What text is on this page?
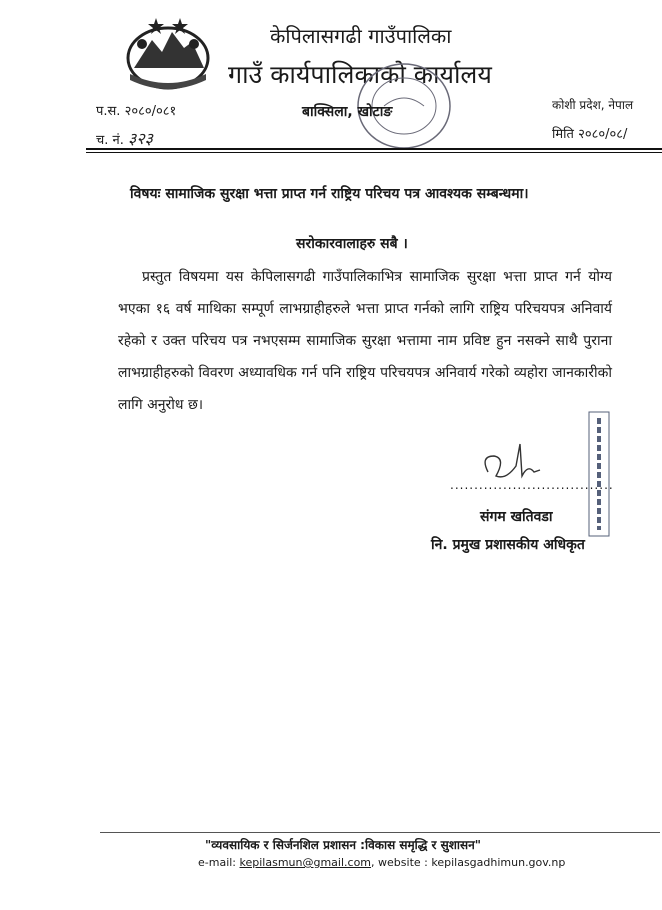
केपिलासगढी गाउँपालिका
गाउँ कार्यपालिकाको कार्यालय
बाक्सिला, खोटाङ	कोशी प्रदेश, नेपाल
प.स. २०८०/०८१
च. नं. ३२३	मिति २०८०/०८/
विषयः सामाजिक सुरक्षा भत्ता प्राप्त गर्न राष्ट्रिय परिचय पत्र आवश्यक सम्बन्धमा।
सरोकारवालाहरु सबै ।

प्रस्तुत विषयमा यस केपिलासगढी गाउँपालिकाभित्र सामाजिक सुरक्षा भत्ता प्राप्त गर्न योग्य भएका १६ वर्ष माथिका सम्पूर्ण लाभग्राहीहरुले भत्ता प्राप्त गर्नको लागि राष्ट्रिय परिचयपत्र अनिवार्य रहेको र उक्त परिचय पत्र नभएसम्म सामाजिक सुरक्षा भत्तामा नाम प्रविष्ट हुन नसक्ने साथै पुराना लाभग्राहीहरुको विवरण अध्यावधिक गर्न पनि राष्ट्रिय परिचयपत्र अनिवार्य गरेको व्यहोरा जानकारीको लागि अनुरोध छ।

..................................
संगम खतिवडा
नि. प्रमुख प्रशासकीय अधिकृत
"व्यवसायिक र सिर्जनशिल प्रशासन :विकास समृद्धि र सुशासन"
e-mail: kepilasmun@gmail.com, website : kepilasgadhimun.gov.np
